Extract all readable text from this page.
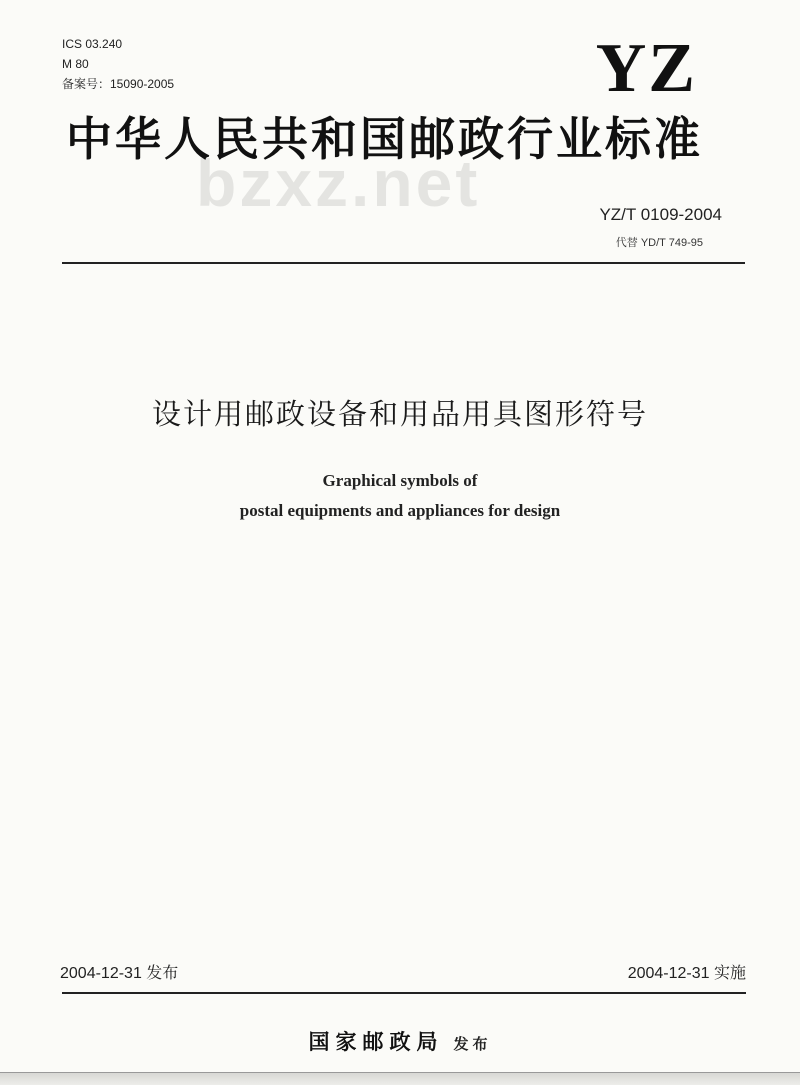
ICS 03.240
M 80
备案号：15090-2005	YZ
中华人民共和国邮政行业标准
bzxz.net	YZ/T 0109-2004
代替 YD/T 749-95
设计用邮政设备和用品用具图形符号
Graphical symbols of
postal equipments and appliances for design
2004-12-31 发布	2004-12-31 实施
国家邮政局 发布
